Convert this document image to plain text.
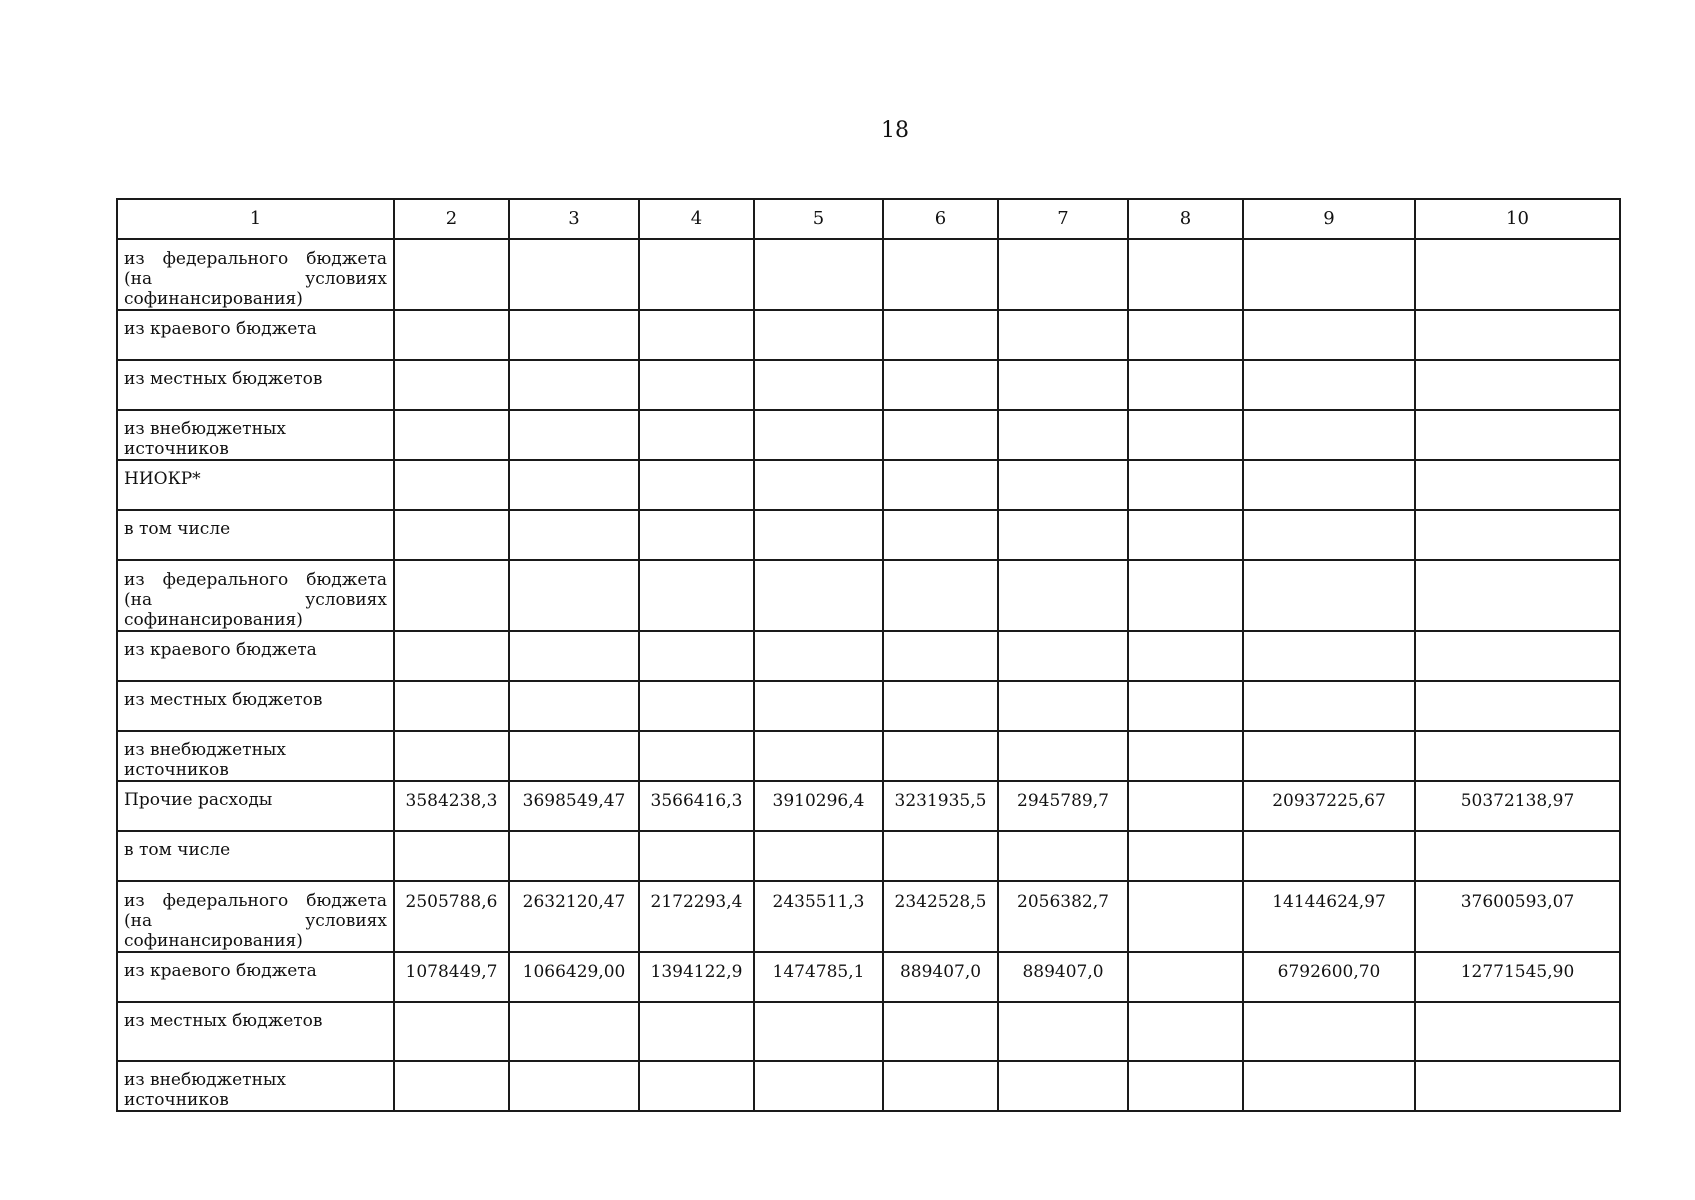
18
1	2	3	4	5	6	7	8	9	10
из федерального бюджета (на условиях софинансирования)									
из краевого бюджета									
из местных бюджетов									
из внебюджетных источников									
НИОКР*									
в том числе									
из федерального бюджета (на условиях софинансирования)									
из краевого бюджета									
из местных бюджетов									
из внебюджетных источников									
Прочие расходы	3584238,3	3698549,47	3566416,3	3910296,4	3231935,5	2945789,7		20937225,67	50372138,97
в том числе									
из федерального бюджета (на условиях софинансирования)	2505788,6	2632120,47	2172293,4	2435511,3	2342528,5	2056382,7		14144624,97	37600593,07
из краевого бюджета	1078449,7	1066429,00	1394122,9	1474785,1	889407,0	889407,0		6792600,70	12771545,90
из местных бюджетов									
из внебюджетных источников									
